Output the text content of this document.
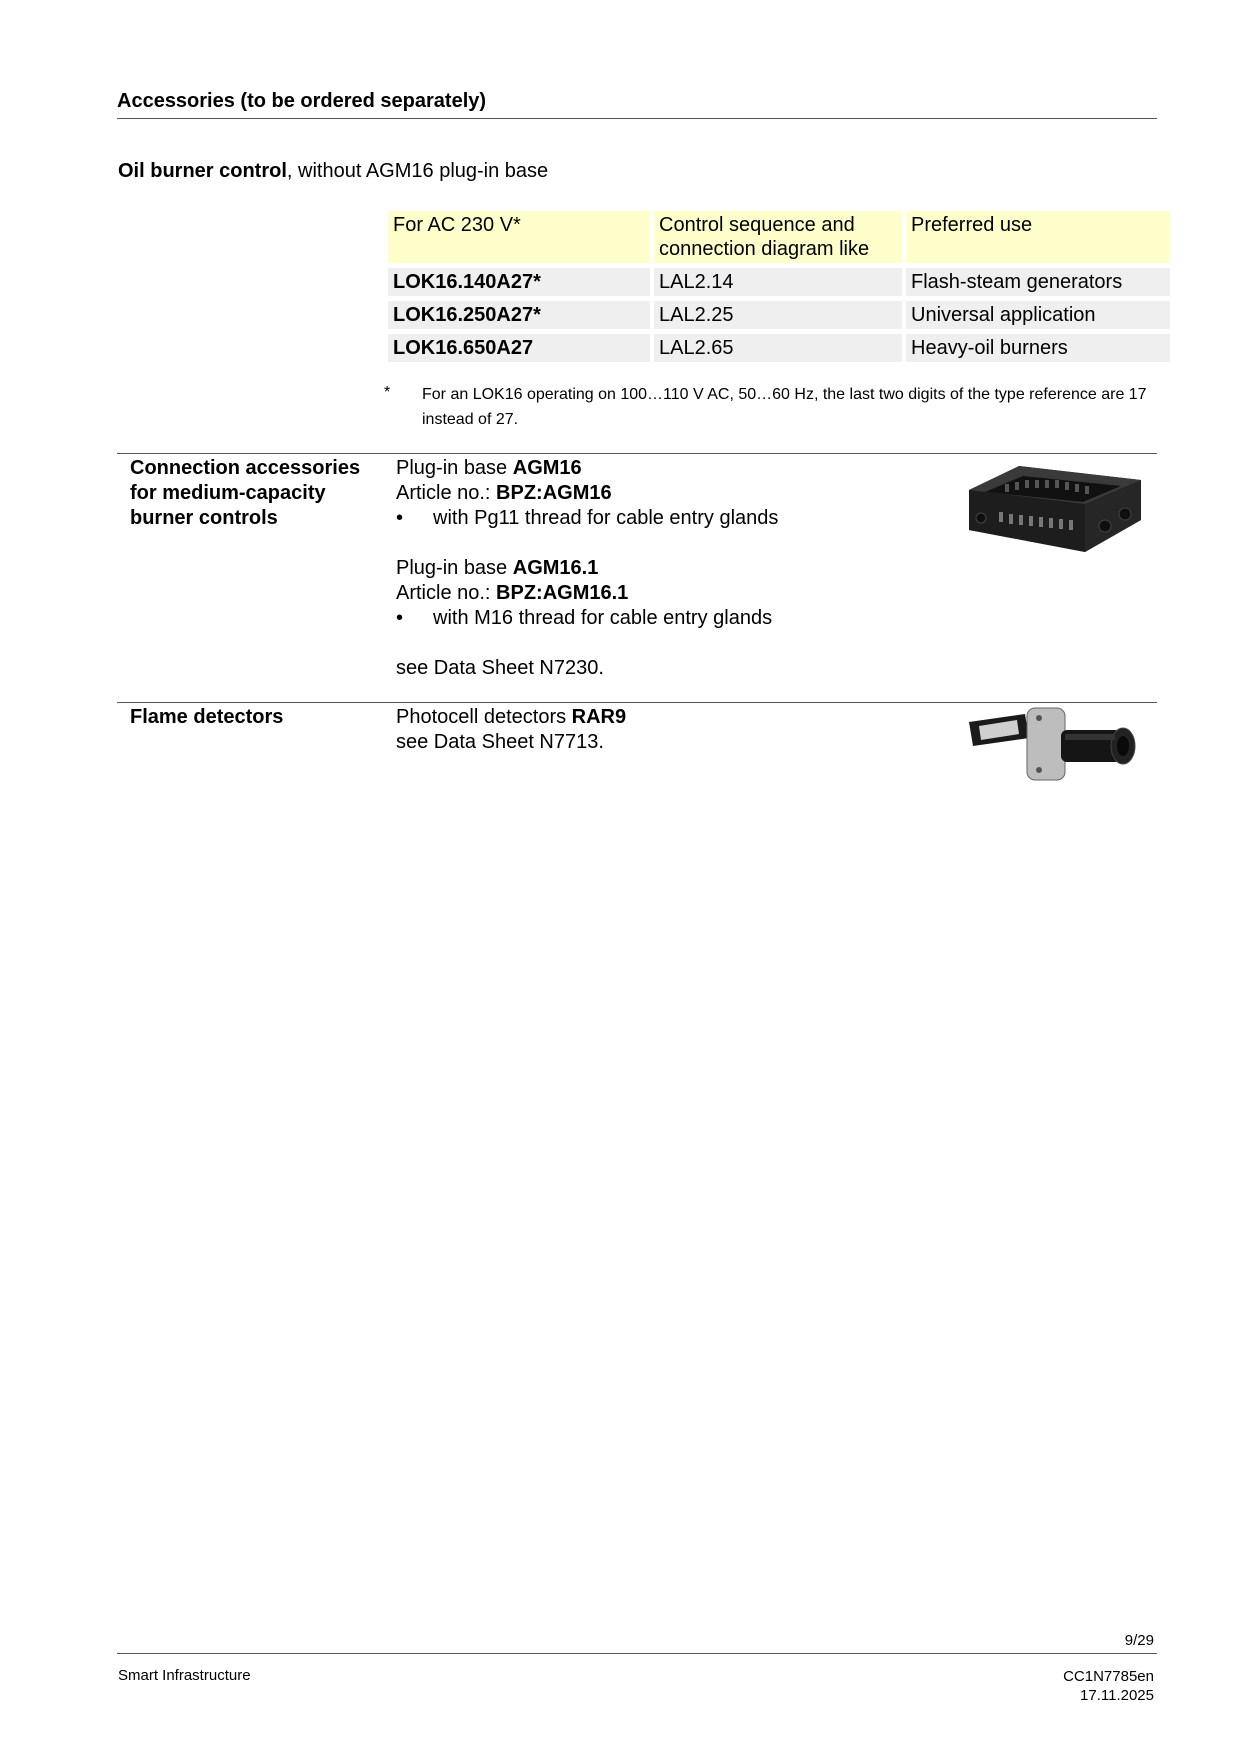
Accessories (to be ordered separately)
Oil burner control, without AGM16 plug-in base
For AC 230 V*	Control sequence and connection diagram like	Preferred use
LOK16.140A27*	LAL2.14	Flash-steam generators
LOK16.250A27*	LAL2.25	Universal application
LOK16.650A27	LAL2.65	Heavy-oil burners
* For an LOK16 operating on 100…110 V AC, 50…60 Hz, the last two digits of the type reference are 17 instead of 27.
Connection accessories for medium-capacity burner controls

Plug-in base AGM16

Article no.: BPZ:AGM16

•	with Pg11 thread for cable entry glands

Plug-in base AGM16.1

Article no.: BPZ:AGM16.1

•	with M16 thread for cable entry glands

see Data Sheet N7230.

Flame detectors	Photocell detectors RAR9

see Data Sheet N7713.

9/29
Smart Infrastructure	CC1N7785en
17.11.2025
